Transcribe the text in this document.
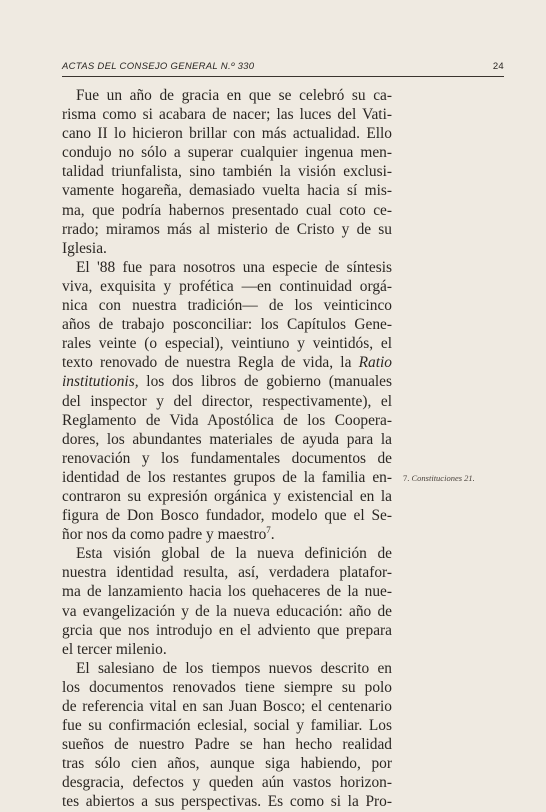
ACTAS DEL CONSEJO GENERAL N.º 330	24
Fue un año de gracia en que se celebró su ca-
risma como si acabara de nacer; las luces del Vati-
cano II lo hicieron brillar con más actualidad. Ello
condujo no sólo a superar cualquier ingenua men-
talidad triunfalista, sino también la visión exclusi-
vamente hogareña, demasiado vuelta hacia sí mis-
ma, que podría habernos presentado cual coto ce-
rrado; miramos más al misterio de Cristo y de su
Iglesia.
El '88 fue para nosotros una especie de síntesis
viva, exquisita y profética —en continuidad orgá-
nica con nuestra tradición— de los veinticinco
años de trabajo posconciliar: los Capítulos Gene-
rales veinte (o especial), veintiuno y veintidós, el
texto renovado de nuestra Regla de vida, la Ratio
institutionis, los dos libros de gobierno (manuales
del inspector y del director, respectivamente), el
Reglamento de Vida Apostólica de los Coopera-
dores, los abundantes materiales de ayuda para la
renovación y los fundamentales documentos de
identidad de los restantes grupos de la familia en-
contraron su expresión orgánica y existencial en la
figura de Don Bosco fundador, modelo que el Se-
ñor nos da como padre y maestro$^7$.
Esta visión global de la nueva definición de
nuestra identidad resulta, así, verdadera platafor-
ma de lanzamiento hacia los quehaceres de la nue-
va evangelización y de la nueva educación: año de
grcia que nos introdujo en el adviento que prepara
el tercer milenio.
El salesiano de los tiempos nuevos descrito en
los documentos renovados tiene siempre su polo
de referencia vital en san Juan Bosco; el centenario
fue su confirmación eclesial, social y familiar. Los
sueños de nuestro Padre se han hecho realidad
tras sólo cien años, aunque siga habiendo, por
desgracia, defectos y queden aún vastos horizon-
tes abiertos a sus perspectivas. Es como si la Pro-
7. Constituciones 21.
